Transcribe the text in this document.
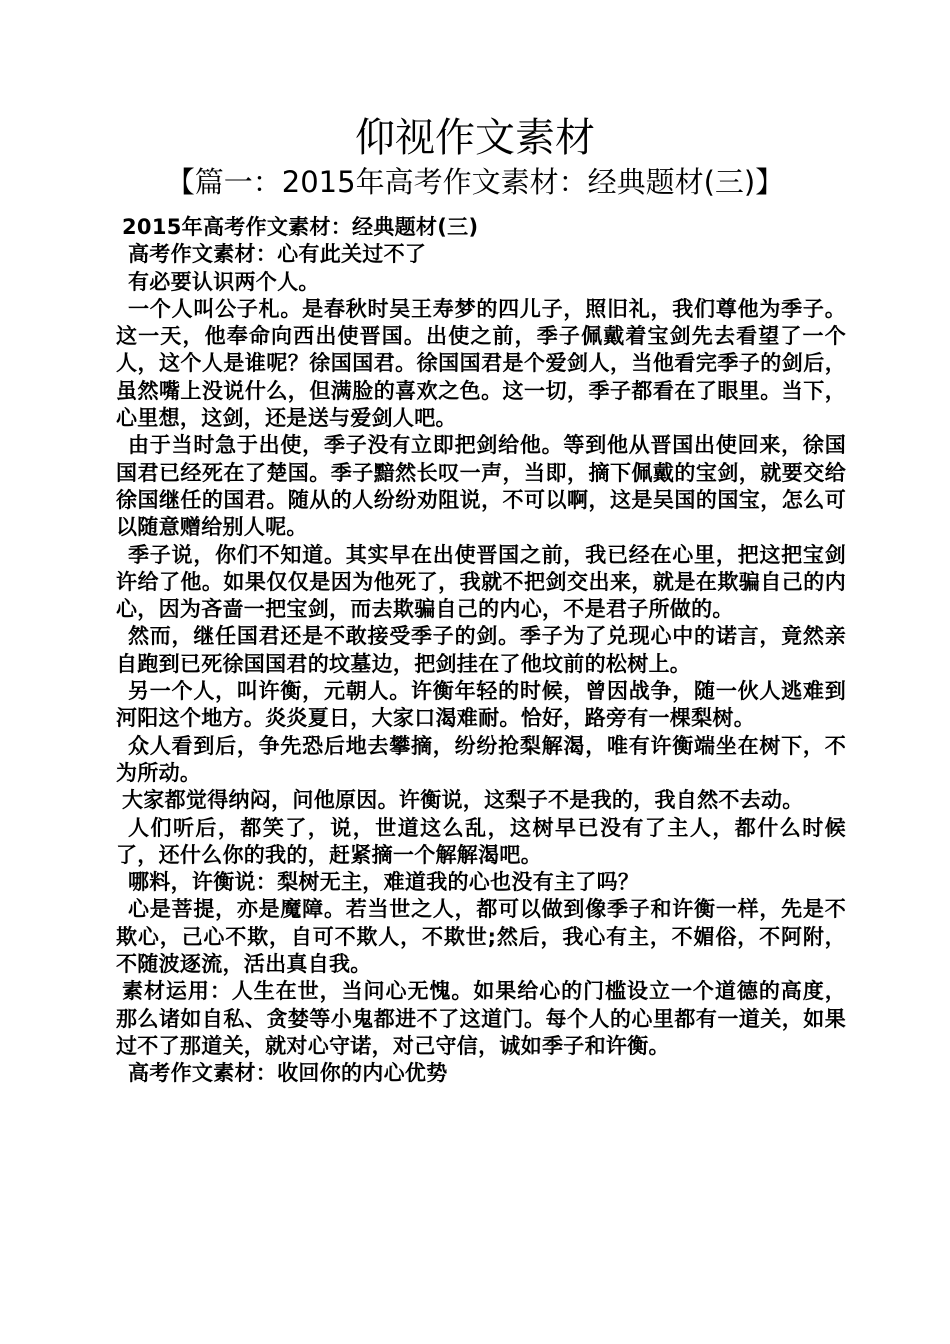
仰视作文素材
【篇一：2015年高考作文素材：经典题材(三)】

2015年高考作文素材：经典题材(三)

高考作文素材：心有此关过不了

有必要认识两个人。

一个人叫公子札。是春秋时吴王寿梦的四儿子，照旧礼，我们尊他为季子。这一天，他奉命向西出使晋国。出使之前，季子佩戴着宝剑先去看望了一个人，这个人是谁呢？徐国国君。徐国国君是个爱剑人，当他看完季子的剑后，虽然嘴上没说什么，但满脸的喜欢之色。这一切，季子都看在了眼里。当下，心里想，这剑，还是送与爱剑人吧。

由于当时急于出使，季子没有立即把剑给他。等到他从晋国出使回来，徐国国君已经死在了楚国。季子黯然长叹一声，当即，摘下佩戴的宝剑，就要交给徐国继任的国君。随从的人纷纷劝阻说，不可以啊，这是吴国的国宝，怎么可以随意赠给别人呢。

季子说，你们不知道。其实早在出使晋国之前，我已经在心里，把这把宝剑许给了他。如果仅仅是因为他死了，我就不把剑交出来，就是在欺骗自己的内心，因为吝啬一把宝剑，而去欺骗自己的内心，不是君子所做的。

然而，继任国君还是不敢接受季子的剑。季子为了兑现心中的诺言，竟然亲自跑到已死徐国国君的坟墓边，把剑挂在了他坟前的松树上。

另一个人，叫许衡，元朝人。许衡年轻的时候，曾因战争，随一伙人逃难到河阳这个地方。炎炎夏日，大家口渴难耐。恰好，路旁有一棵梨树。

众人看到后，争先恐后地去攀摘，纷纷抢梨解渴，唯有许衡端坐在树下，不为所动。

大家都觉得纳闷，问他原因。许衡说，这梨子不是我的，我自然不去动。

人们听后，都笑了，说，世道这么乱，这树早已没有了主人，都什么时候了，还什么你的我的，赶紧摘一个解解渴吧。

哪料，许衡说：梨树无主，难道我的心也没有主了吗？

心是菩提，亦是魔障。若当世之人，都可以做到像季子和许衡一样，先是不欺心，己心不欺，自可不欺人，不欺世;然后，我心有主，不媚俗，不阿附，不随波逐流，活出真自我。

素材运用：人生在世，当问心无愧。如果给心的门槛设立一个道德的高度，那么诸如自私、贪婪等小鬼都进不了这道门。每个人的心里都有一道关，如果过不了那道关，就对心守诺，对己守信，诚如季子和许衡。

高考作文素材：收回你的内心优势
